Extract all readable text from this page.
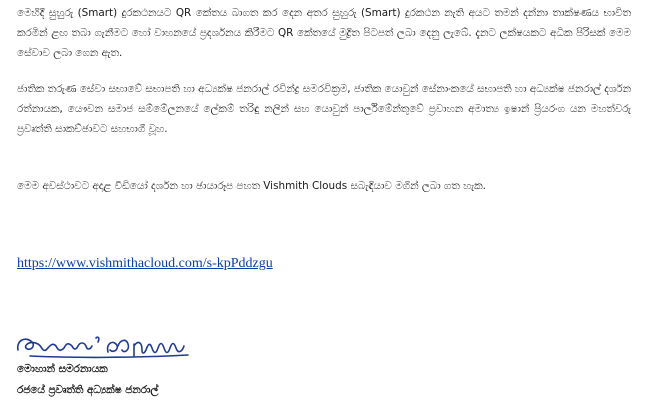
මෙහිදී සුහුරු (Smart) දුරකථනයට QR කේතය බාගත කර දෙන අතර සුහුරු (Smart) දුරකථන නැති අයට තමන් දන්නා තාක්ෂණය භාවිත කරමින් ළඟ තබා ගැනීමට හෝ වාහනයේ ප්‍රදර්ශනය කිරීමට QR කේතයේ මුද්‍රිත පිටපත් ලබා දෙනු ලැබේ. දැනට ලක්ෂයකට අධික පිරිසක් මෙම සේවාව ලබා ගෙන ඇත.

ජාතික තරුණ සේවා සභාවේ සභාපති හා අධ්‍යක්ෂ ජනරාල් රවින්ද්‍ර සමරවික්‍රම, ජාතික යොවුන් සේනාංකයේ සභාපති හා අධ්‍යක්ෂ ජනරාල් දර්ශන රත්නායක, යෞවන සමාජ සම්මේලනයේ ලේකම් තරිඳු නලින් සහ යොවුන් පාර්ලිමේන්තුවේ ප්‍රවාහන අමාත්‍ය ඉෂාන් ප්‍රියරංග යන මහත්වරු ප්‍රවෘත්ති සාකච්ඡාවට සහභාගී වූහ.

මෙම අවස්ථාවට අදාළ වීඩියෝ දර්ශන හා ඡායාරූප පහත Vishmith Clouds සබැඳියාව මගින් ලබා ගත හැක.

https://www.vishmithacloud.com/s-kpPddzgu

මොහාන් සමරනායක

රජයේ ප්‍රවෘත්ති අධ්‍යක්ෂ ජනරාල්
